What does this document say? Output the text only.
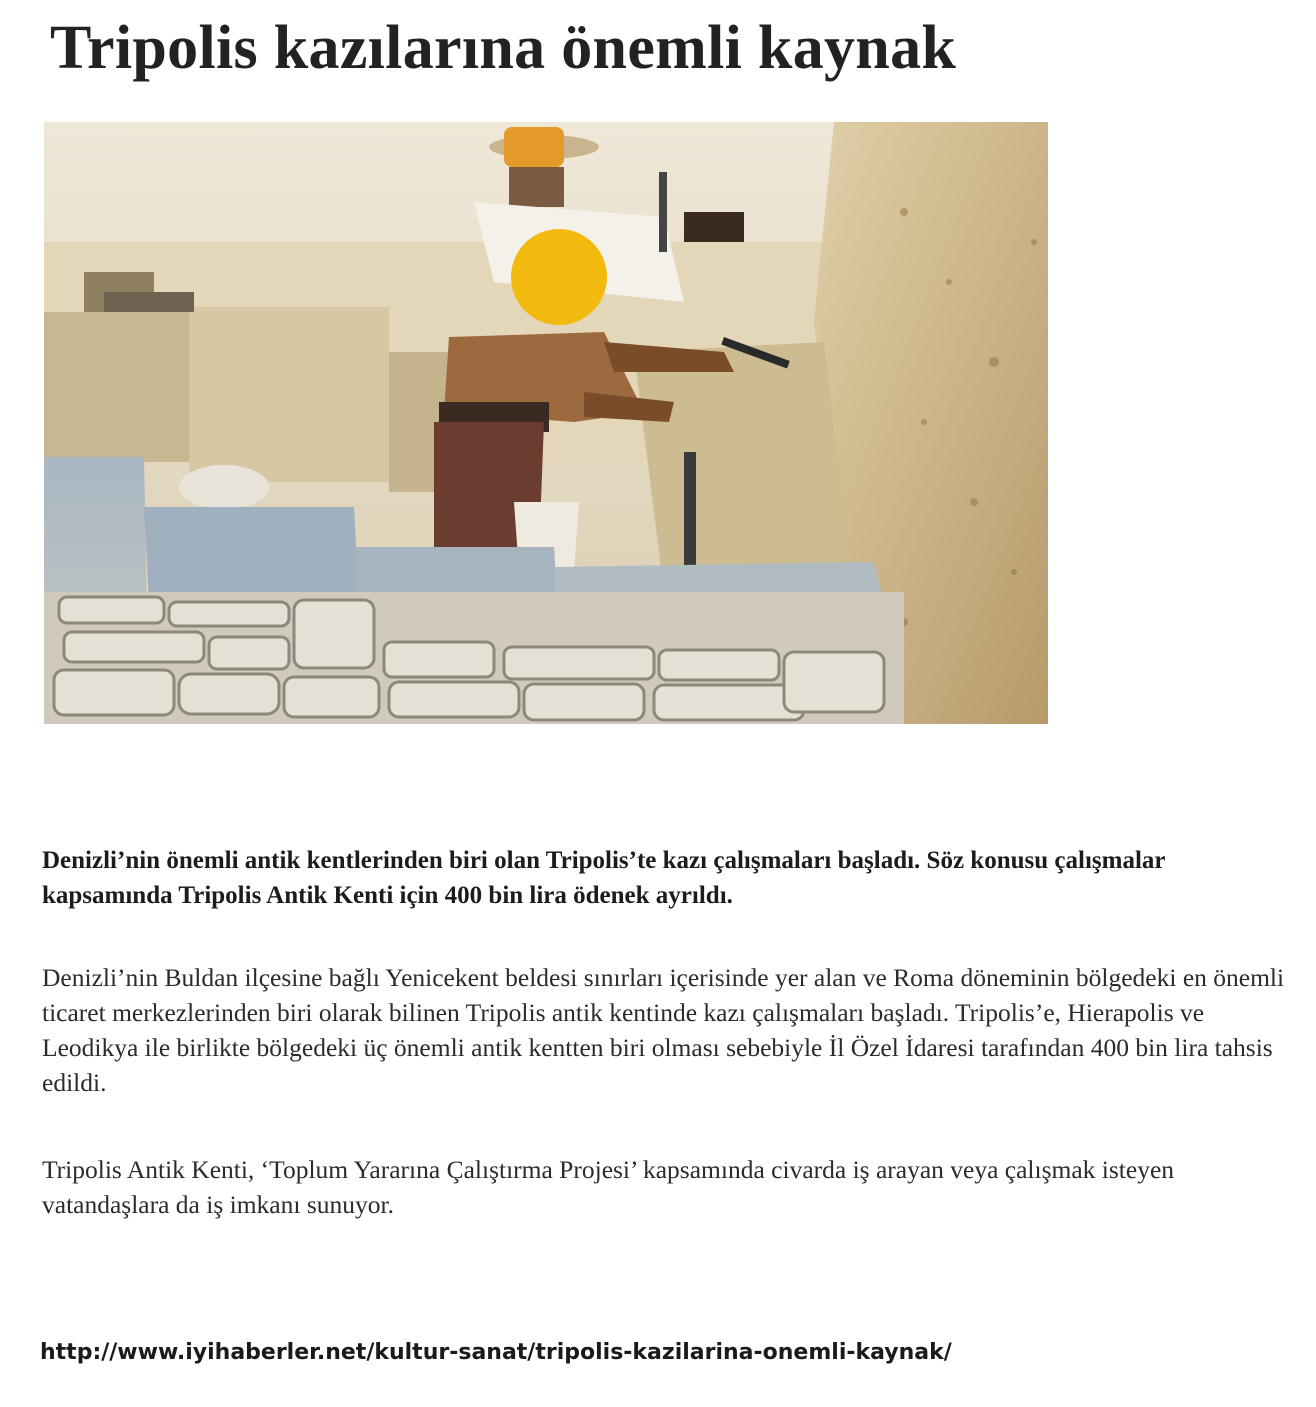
Tripolis kazılarına önemli kaynak

Denizli’nin önemli antik kentlerinden biri olan Tripolis’te kazı çalışmaları başladı. Söz konusu çalışmalar kapsamında Tripolis Antik Kenti için 400 bin lira ödenek ayrıldı.

Denizli’nin Buldan ilçesine bağlı Yenicekent beldesi sınırları içerisinde yer alan ve Roma döneminin bölgedeki en önemli ticaret merkezlerinden biri olarak bilinen Tripolis antik kentinde kazı çalışmaları başladı. Tripolis’e, Hierapolis ve Leodikya ile birlikte bölgedeki üç önemli antik kentten biri olması sebebiyle İl Özel İdaresi tarafından 400 bin lira tahsis edildi.

Tripolis Antik Kenti, ‘Toplum Yararına Çalıştırma Projesi’ kapsamında civarda iş arayan veya çalışmak isteyen vatandaşlara da iş imkanı sunuyor.

http://www.iyihaberler.net/kultur-sanat/tripolis-kazilarina-onemli-kaynak/
